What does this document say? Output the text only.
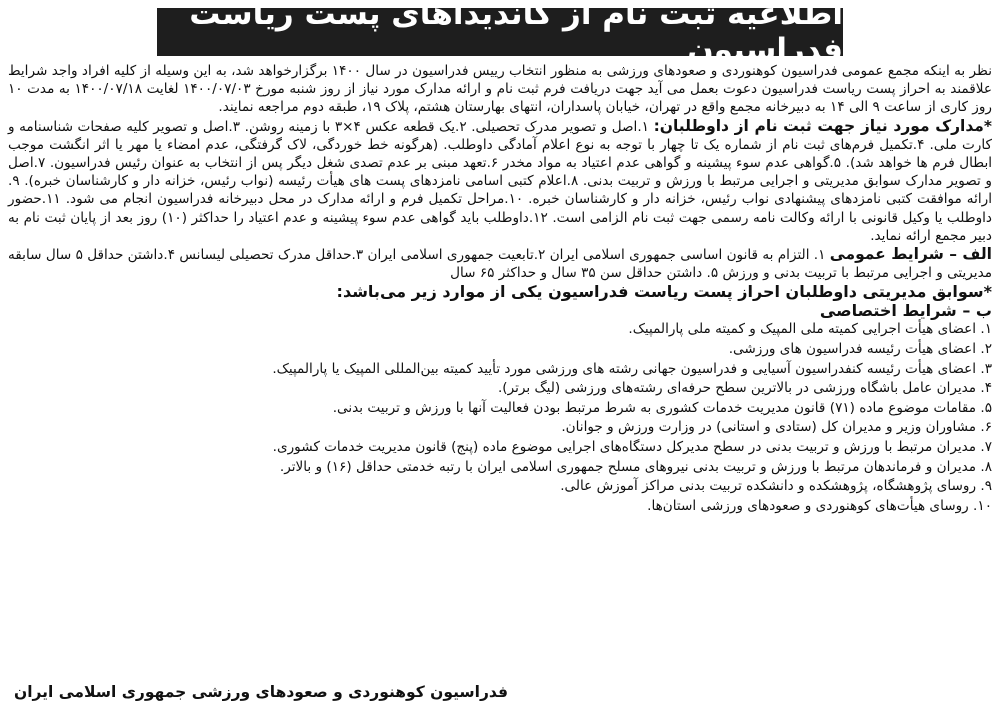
اطلاعیه ثبت نام از کاندیداهای پست ریاست فدراسیون

نظر به اینکه مجمع عمومی فدراسیون کوهنوردی و صعودهای ورزشی به منظور انتخاب رییس فدراسیون در سال ۱۴۰۰ برگزارخواهد شد، به این وسیله از کلیه افراد واجد شرایط علاقمند به احراز پست ریاست فدراسیون دعوت بعمل می آید جهت دریافت فرم ثبت نام و ارائه مدارک مورد نیاز از روز شنبه مورخ ۱۴۰۰/۰۷/۰۳ لغایت ۱۴۰۰/۰۷/۱۸ به مدت ۱۰ روز کاری از ساعت ۹ الی ۱۴ به دبیرخانه مجمع واقع در تهران، خیابان پاسداران، انتهای بهارستان هشتم، پلاک ۱۹، طبقه دوم مراجعه نمایند.

*مدارک مورد نیاز جهت ثبت نام از داوطلبان: ۱.اصل و تصویر مدرک تحصیلی. ۲.یک قطعه عکس ۴×۳ با زمینه روشن. ۳.اصل و تصویر کلیه صفحات شناسنامه و کارت ملی. ۴.تکمیل فرم‌های ثبت نام از شماره یک تا چهار با توجه به نوع اعلام آمادگی داوطلب. (هرگونه خط خوردگی، لاک گرفتگی، عدم امضاء یا مهر یا اثر انگشت موجب ابطال فرم ها خواهد شد). ۵.گواهی عدم سوء پیشینه و گواهی عدم اعتیاد به مواد مخدر ۶.تعهد مبنی بر عدم تصدی شغل دیگر پس از انتخاب به عنوان رئیس فدراسیون. ۷.اصل و تصویر مدارک سوابق مدیریتی و اجرایی مرتبط با ورزش و تربیت بدنی. ۸.اعلام کتبی اسامی نامزدهای پست های هیأت رئیسه (نواب رئیس، خزانه دار و کارشناسان خبره). ۹. ارائه موافقت کتبی نامزدهای پیشنهادی نواب رئیس، خزانه دار و کارشناسان خبره. ۱۰.مراحل تکمیل فرم و ارائه مدارک در محل دبیرخانه فدراسیون انجام می شود. ۱۱.حضور داوطلب یا وکیل قانونی با ارائه وکالت نامه رسمی جهت ثبت نام الزامی است. ۱۲.داوطلب باید گواهی عدم سوء پیشینه و عدم اعتیاد را حداکثر (۱۰) روز بعد از پایان ثبت نام به دبیر مجمع ارائه نماید.

الف – شرایط عمومی ۱. التزام به قانون اساسی جمهوری اسلامی ایران ۲.تابعیت جمهوری اسلامی ایران ۳.حداقل مدرک تحصیلی لیسانس ۴.داشتن حداقل ۵ سال سابقه مدیریتی و اجرایی مرتبط با تربیت بدنی و ورزش ۵. داشتن حداقل سن ۳۵ سال و حداکثر ۶۵ سال

*سوابق مدیریتی داوطلبان احراز پست ریاست فدراسیون یکی از موارد زیر می‌باشد:

ب – شرایط اختصاصی

۱. اعضای هیأت اجرایی کمیته ملی المپیک و کمیته ملی پارالمپیک.
۲. اعضای هیأت رئیسه فدراسیون های ورزشی.
۳. اعضای هیأت رئیسه کنفدراسیون آسیایی و فدراسیون جهانی رشته های ورزشی مورد تأیید کمیته بین‌المللی المپیک یا پارالمپیک.
۴. مدیران عامل باشگاه ورزشی در بالاترین سطح حرفه‌ای رشته‌های ورزشی (لیگ برتر).
۵. مقامات موضوع ماده (۷۱) قانون مدیریت خدمات کشوری به شرط مرتبط بودن فعالیت آنها با ورزش و تربیت بدنی.
۶. مشاوران وزیر و مدیران کل (ستادی و استانی) در وزارت ورزش و جوانان.
۷. مدیران مرتبط با ورزش و تربیت بدنی در سطح مدیرکل دستگاه‌های اجرایی موضوع ماده (پنج) قانون مدیریت خدمات کشوری.
۸. مدیران و فرماندهان مرتبط با ورزش و تربیت بدنی نیروهای مسلح جمهوری اسلامی ایران با رتبه خدمتی حداقل (۱۶) و بالاتر.
۹. روسای پژوهشگاه، پژوهشکده و دانشکده تربیت بدنی مراکز آموزش عالی.
۱۰. روسای هیأت‌های کوهنوردی و صعودهای ورزشی استان‌ها.
فدراسیون کوهنوردی و صعودهای ورزشی جمهوری اسلامی ایران
